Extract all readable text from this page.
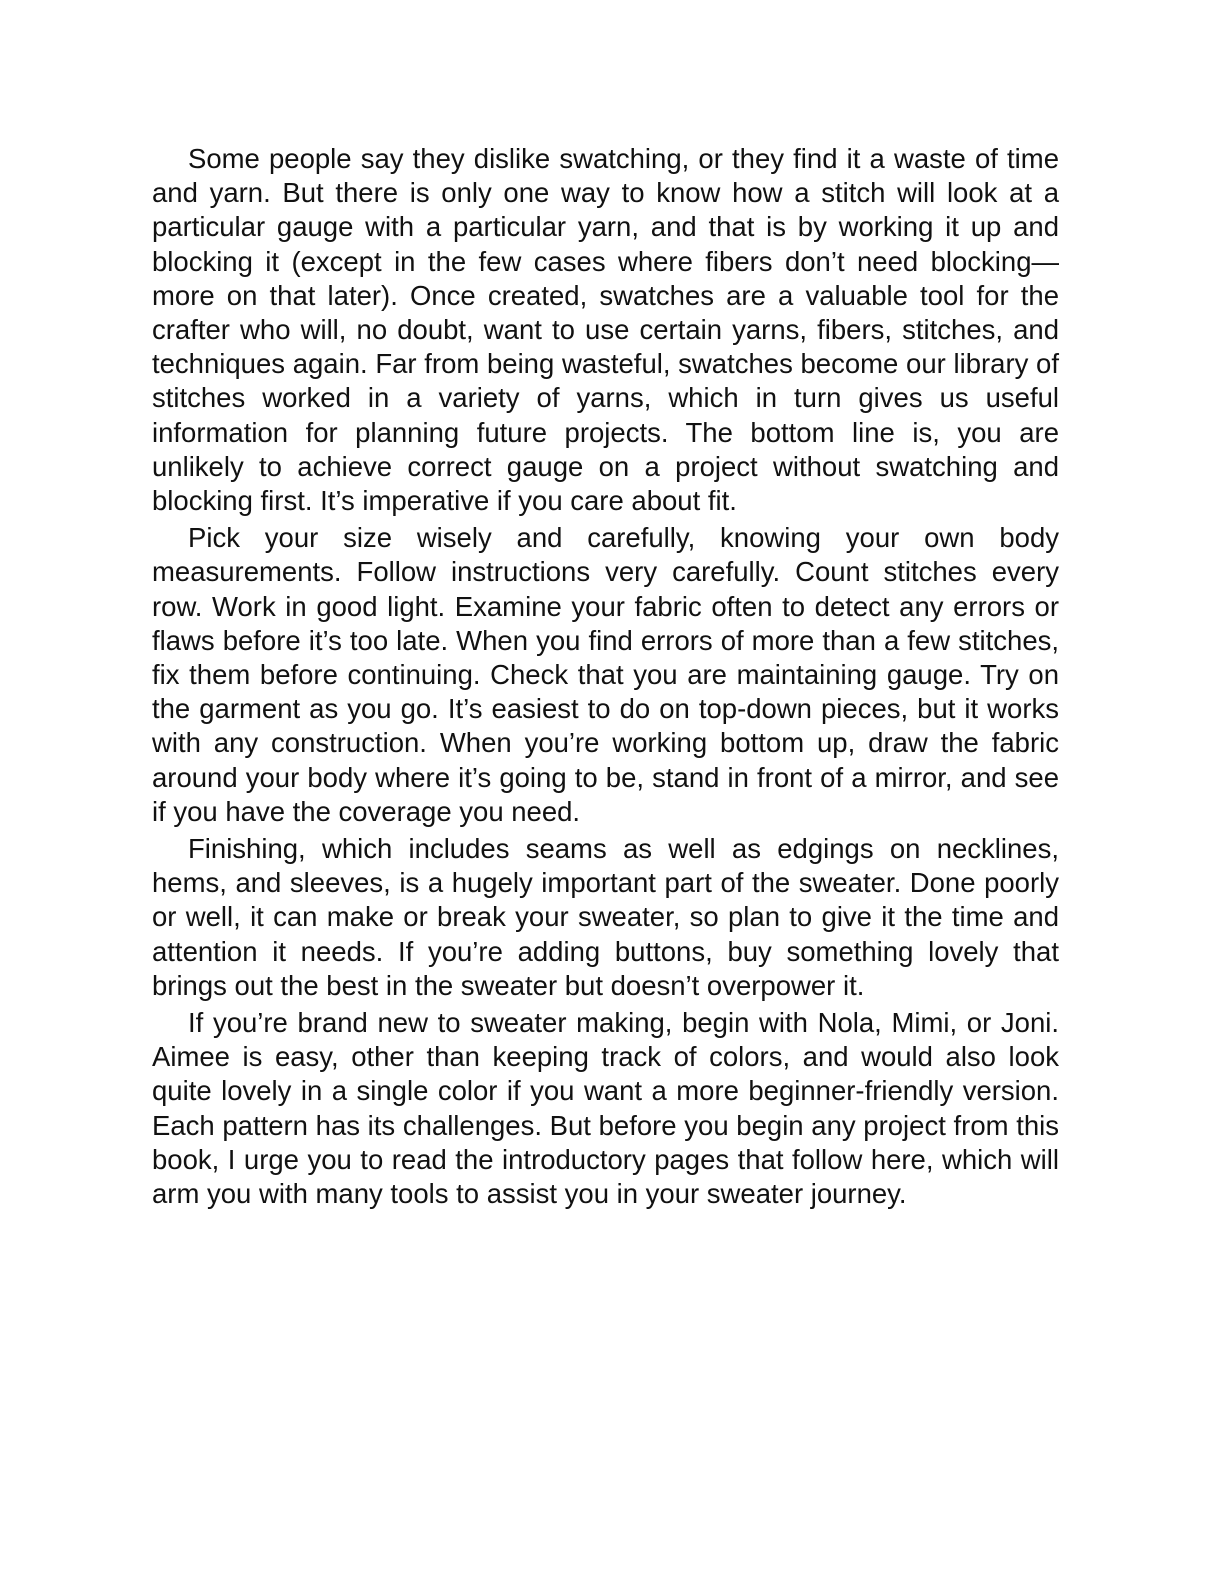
Some people say they dislike swatching, or they find it a waste of time and yarn. But there is only one way to know how a stitch will look at a particular gauge with a particular yarn, and that is by working it up and blocking it (except in the few cases where fibers don’t need blocking—more on that later). Once created, swatches are a valuable tool for the crafter who will, no doubt, want to use certain yarns, fibers, stitches, and techniques again. Far from being wasteful, swatches become our library of stitches worked in a variety of yarns, which in turn gives us useful information for planning future projects. The bottom line is, you are unlikely to achieve correct gauge on a project without swatching and blocking first. It’s imperative if you care about fit.

Pick your size wisely and carefully, knowing your own body measurements. Follow instructions very carefully. Count stitches every row. Work in good light. Examine your fabric often to detect any errors or flaws before it’s too late. When you find errors of more than a few stitches, fix them before continuing. Check that you are maintaining gauge. Try on the garment as you go. It’s easiest to do on top-down pieces, but it works with any construction. When you’re working bottom up, draw the fabric around your body where it’s going to be, stand in front of a mirror, and see if you have the coverage you need.

Finishing, which includes seams as well as edgings on necklines, hems, and sleeves, is a hugely important part of the sweater. Done poorly or well, it can make or break your sweater, so plan to give it the time and attention it needs. If you’re adding buttons, buy something lovely that brings out the best in the sweater but doesn’t overpower it.

If you’re brand new to sweater making, begin with Nola, Mimi, or Joni. Aimee is easy, other than keeping track of colors, and would also look quite lovely in a single color if you want a more beginner-friendly version. Each pattern has its challenges. But before you begin any project from this book, I urge you to read the introductory pages that follow here, which will arm you with many tools to assist you in your sweater journey.
